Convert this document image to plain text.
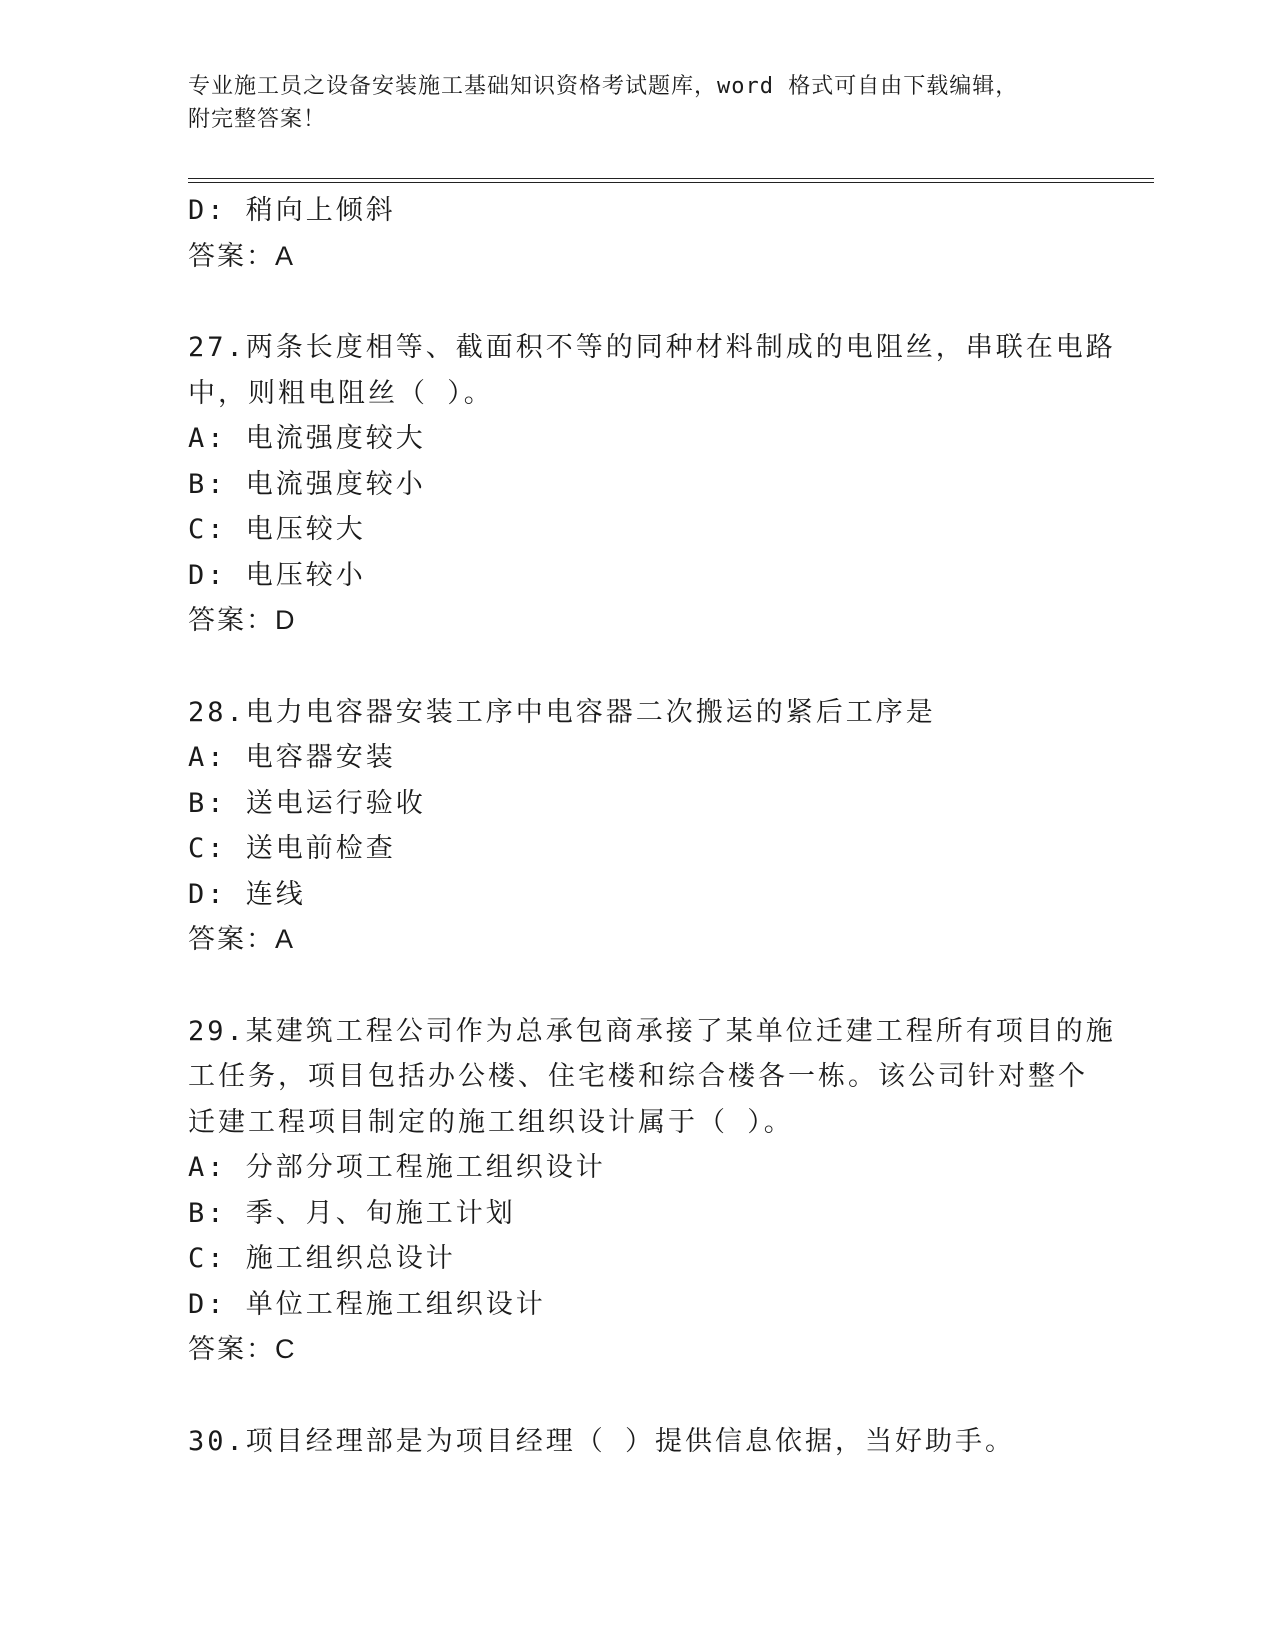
专业施工员之设备安装施工基础知识资格考试题库，word 格式可自由下载编辑，
附完整答案！
D: 稍向上倾斜
答案：A
27.两条长度相等、截面积不等的同种材料制成的电阻丝，串联在电路
中，则粗电阻丝（ ）。
A: 电流强度较大
B: 电流强度较小
C: 电压较大
D: 电压较小
答案：D
28.电力电容器安装工序中电容器二次搬运的紧后工序是
A: 电容器安装
B: 送电运行验收
C: 送电前检查
D: 连线
答案：A
29.某建筑工程公司作为总承包商承接了某单位迁建工程所有项目的施
工任务，项目包括办公楼、住宅楼和综合楼各一栋。该公司针对整个
迁建工程项目制定的施工组织设计属于（ ）。
A: 分部分项工程施工组织设计
B: 季、月、旬施工计划
C: 施工组织总设计
D: 单位工程施工组织设计
答案：C
30.项目经理部是为项目经理（ ）提供信息依据，当好助手。
